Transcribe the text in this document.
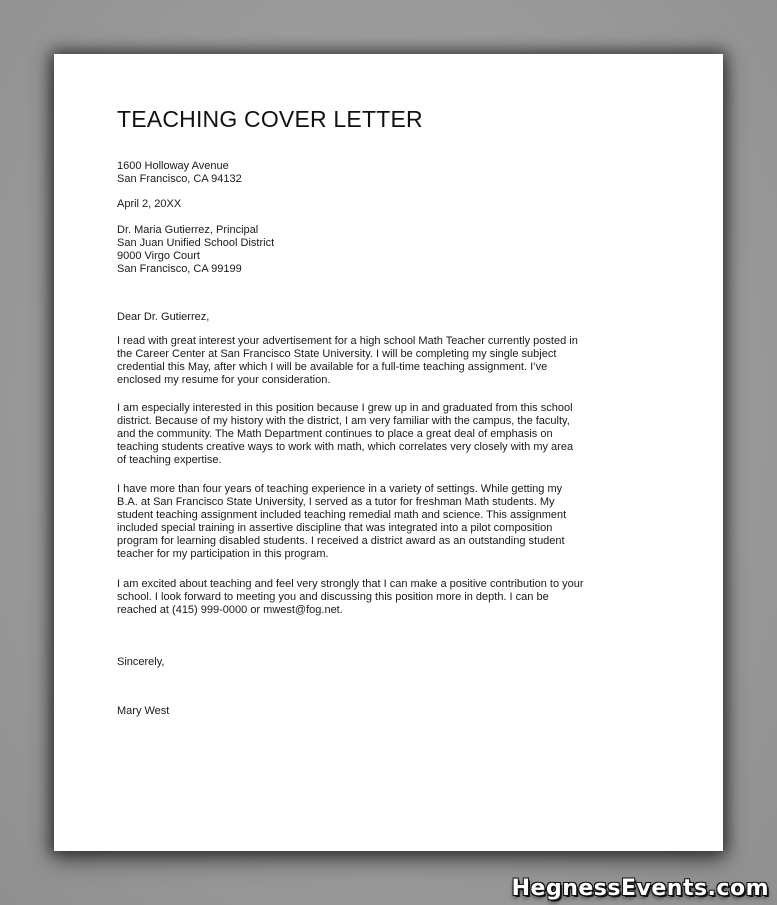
TEACHING COVER LETTER
1600 Holloway Avenue
San Francisco, CA 94132
April 2, 20XX
Dr. Maria Gutierrez, Principal
San Juan Unified School District
9000 Virgo Court
San Francisco, CA 99199
Dear Dr. Gutierrez,
I read with great interest your advertisement for a high school Math Teacher currently posted in
the Career Center at San Francisco State University. I will be completing my single subject
credential this May, after which I will be available for a full-time teaching assignment. I’ve
enclosed my resume for your consideration.
I am especially interested in this position because I grew up in and graduated from this school
district. Because of my history with the district, I am very familiar with the campus, the faculty,
and the community. The Math Department continues to place a great deal of emphasis on
teaching students creative ways to work with math, which correlates very closely with my area
of teaching expertise.
I have more than four years of teaching experience in a variety of settings. While getting my
B.A. at San Francisco State University, I served as a tutor for freshman Math students. My
student teaching assignment included teaching remedial math and science. This assignment
included special training in assertive discipline that was integrated into a pilot composition
program for learning disabled students. I received a district award as an outstanding student
teacher for my participation in this program.
I am excited about teaching and feel very strongly that I can make a positive contribution to your
school. I look forward to meeting you and discussing this position more in depth. I can be
reached at (415) 999-0000 or mwest@fog.net.
Sincerely,
Mary West
HegnessEvents.com
